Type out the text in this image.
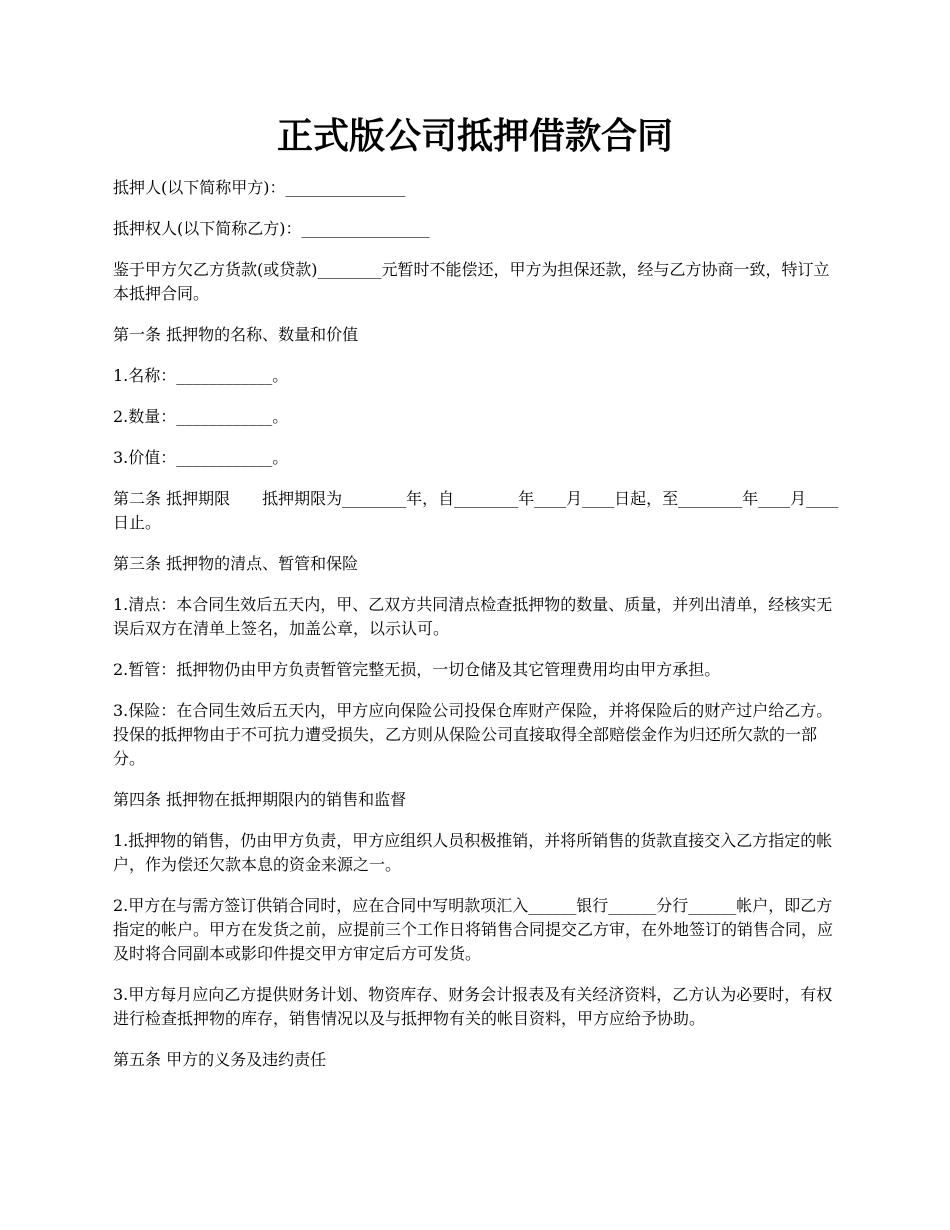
正式版公司抵押借款合同

抵押人(以下简称甲方)：_______________

抵押权人(以下简称乙方)：________________

鉴于甲方欠乙方货款(或贷款)________元暂时不能偿还，甲方为担保还款，经与乙方协商一致，特订立本抵押合同。

第一条 抵押物的名称、数量和价值

1.名称：____________。

2.数量：____________。

3.价值：____________。

第二条 抵押期限　　抵押期限为________年，自________年____月____日起，至________年____月____日止。

第三条 抵押物的清点、暂管和保险

1.清点：本合同生效后五天内，甲、乙双方共同清点检查抵押物的数量、质量，并列出清单，经核实无误后双方在清单上签名，加盖公章，以示认可。

2.暂管：抵押物仍由甲方负责暂管完整无损，一切仓储及其它管理费用均由甲方承担。

3.保险：在合同生效后五天内，甲方应向保险公司投保仓库财产保险，并将保险后的财产过户给乙方。投保的抵押物由于不可抗力遭受损失，乙方则从保险公司直接取得全部赔偿金作为归还所欠款的一部分。

第四条 抵押物在抵押期限内的销售和监督

1.抵押物的销售，仍由甲方负责，甲方应组织人员积极推销，并将所销售的货款直接交入乙方指定的帐户，作为偿还欠款本息的资金来源之一。

2.甲方在与需方签订供销合同时，应在合同中写明款项汇入______银行______分行______帐户，即乙方指定的帐户。甲方在发货之前，应提前三个工作日将销售合同提交乙方审，在外地签订的销售合同，应及时将合同副本或影印件提交甲方审定后方可发货。

3.甲方每月应向乙方提供财务计划、物资库存、财务会计报表及有关经济资料，乙方认为必要时，有权进行检查抵押物的库存，销售情况以及与抵押物有关的帐目资料，甲方应给予协助。

第五条 甲方的义务及违约责任
